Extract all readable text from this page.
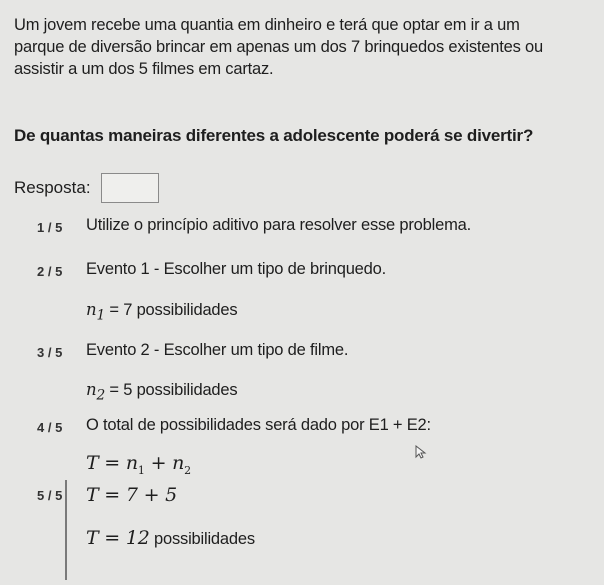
Um jovem recebe uma quantia em dinheiro e terá que optar em ir a um
parque de diversão brincar em apenas um dos 7 brinquedos existentes ou
assistir a um dos 5 filmes em cartaz.
De quantas maneiras diferentes a adolescente poderá se divertir?
Resposta:
1 / 5 Utilize o princípio aditivo para resolver esse problema.
2 / 5 Evento 1 - Escolher um tipo de brinquedo.
$n_1 = 7$ possibilidades
3 / 5 Evento 2 - Escolher um tipo de filme.
$n_2 = 5$ possibilidades
4 / 5 O total de possibilidades será dado por E1 + E2:
$T = n_1 + n_2$
5 / 5 T = 7 + 5
T = 12 possibilidades
